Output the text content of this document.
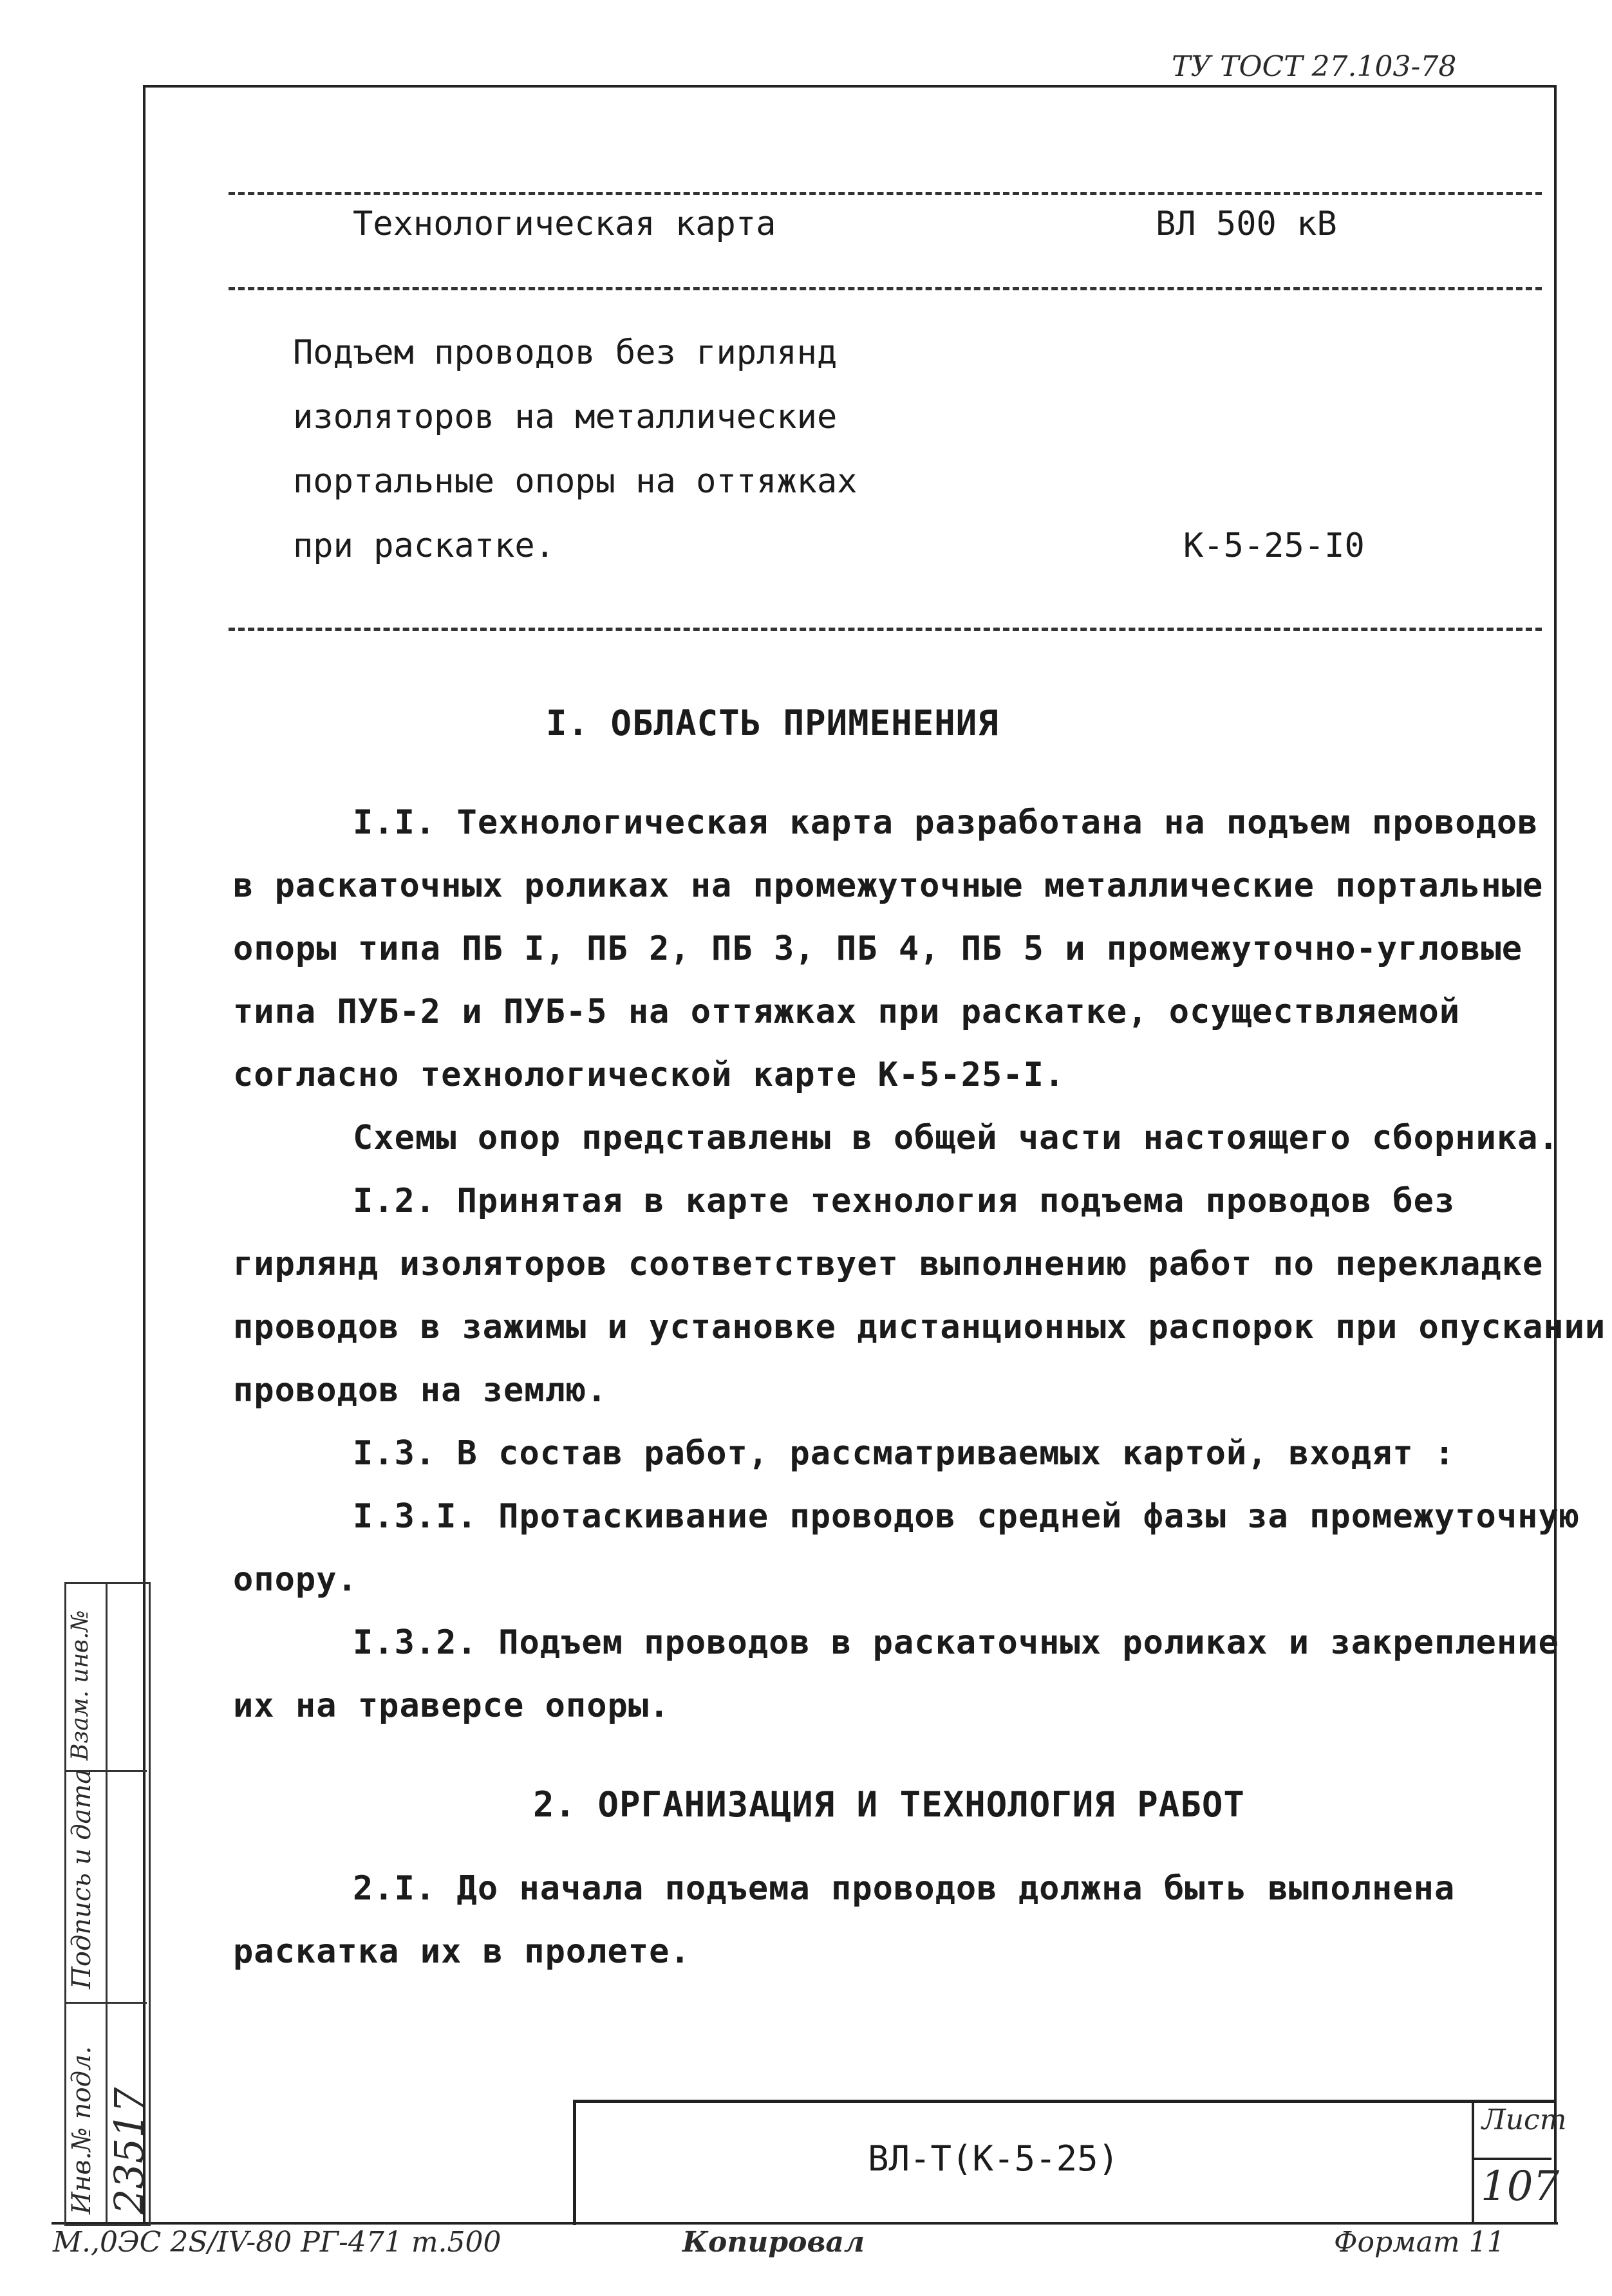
ТУ ТОСТ 27.103-78
Технологическая карта	ВЛ 500 кВ
Подъем проводов без гирлянд
изоляторов на металлические
портальные опоры на оттяжках
при раскатке.	К-5-25-I0
I. ОБЛАСТЬ ПРИМЕНЕНИЯ
I.I. Технологическая карта разработана на подъем проводов
в раскаточных роликах на промежуточные металлические портальные
опоры типа ПБ I, ПБ 2, ПБ 3, ПБ 4, ПБ 5 и промежуточно-угловые
типа ПУБ-2 и ПУБ-5 на оттяжках при раскатке, осуществляемой
согласно технологической карте К-5-25-I.
Схемы опор представлены в общей части настоящего сборника.
I.2. Принятая в карте технология подъема проводов без
гирлянд изоляторов соответствует выполнению работ по перекладке
проводов в зажимы и установке дистанционных распорок при опускании
проводов на землю.
I.3. В состав работ, рассматриваемых картой, входят :
I.3.I. Протаскивание проводов средней фазы за промежуточную
опору.
I.3.2. Подъем проводов в раскаточных роликах и закрепление
их на траверсе опоры.
2. ОРГАНИЗАЦИЯ И ТЕХНОЛОГИЯ РАБОТ
2.I. До начала подъема проводов должна быть выполнена
раскатка их в пролете.
ВЛ-Т(К-5-25)
Лист
107
Инв.№ подл. 23517
Подпись и дата
Взам. инв.№
М.,0ЭС 2S/IV-80 РГ-471 т.500	Копировал	Формат 11
